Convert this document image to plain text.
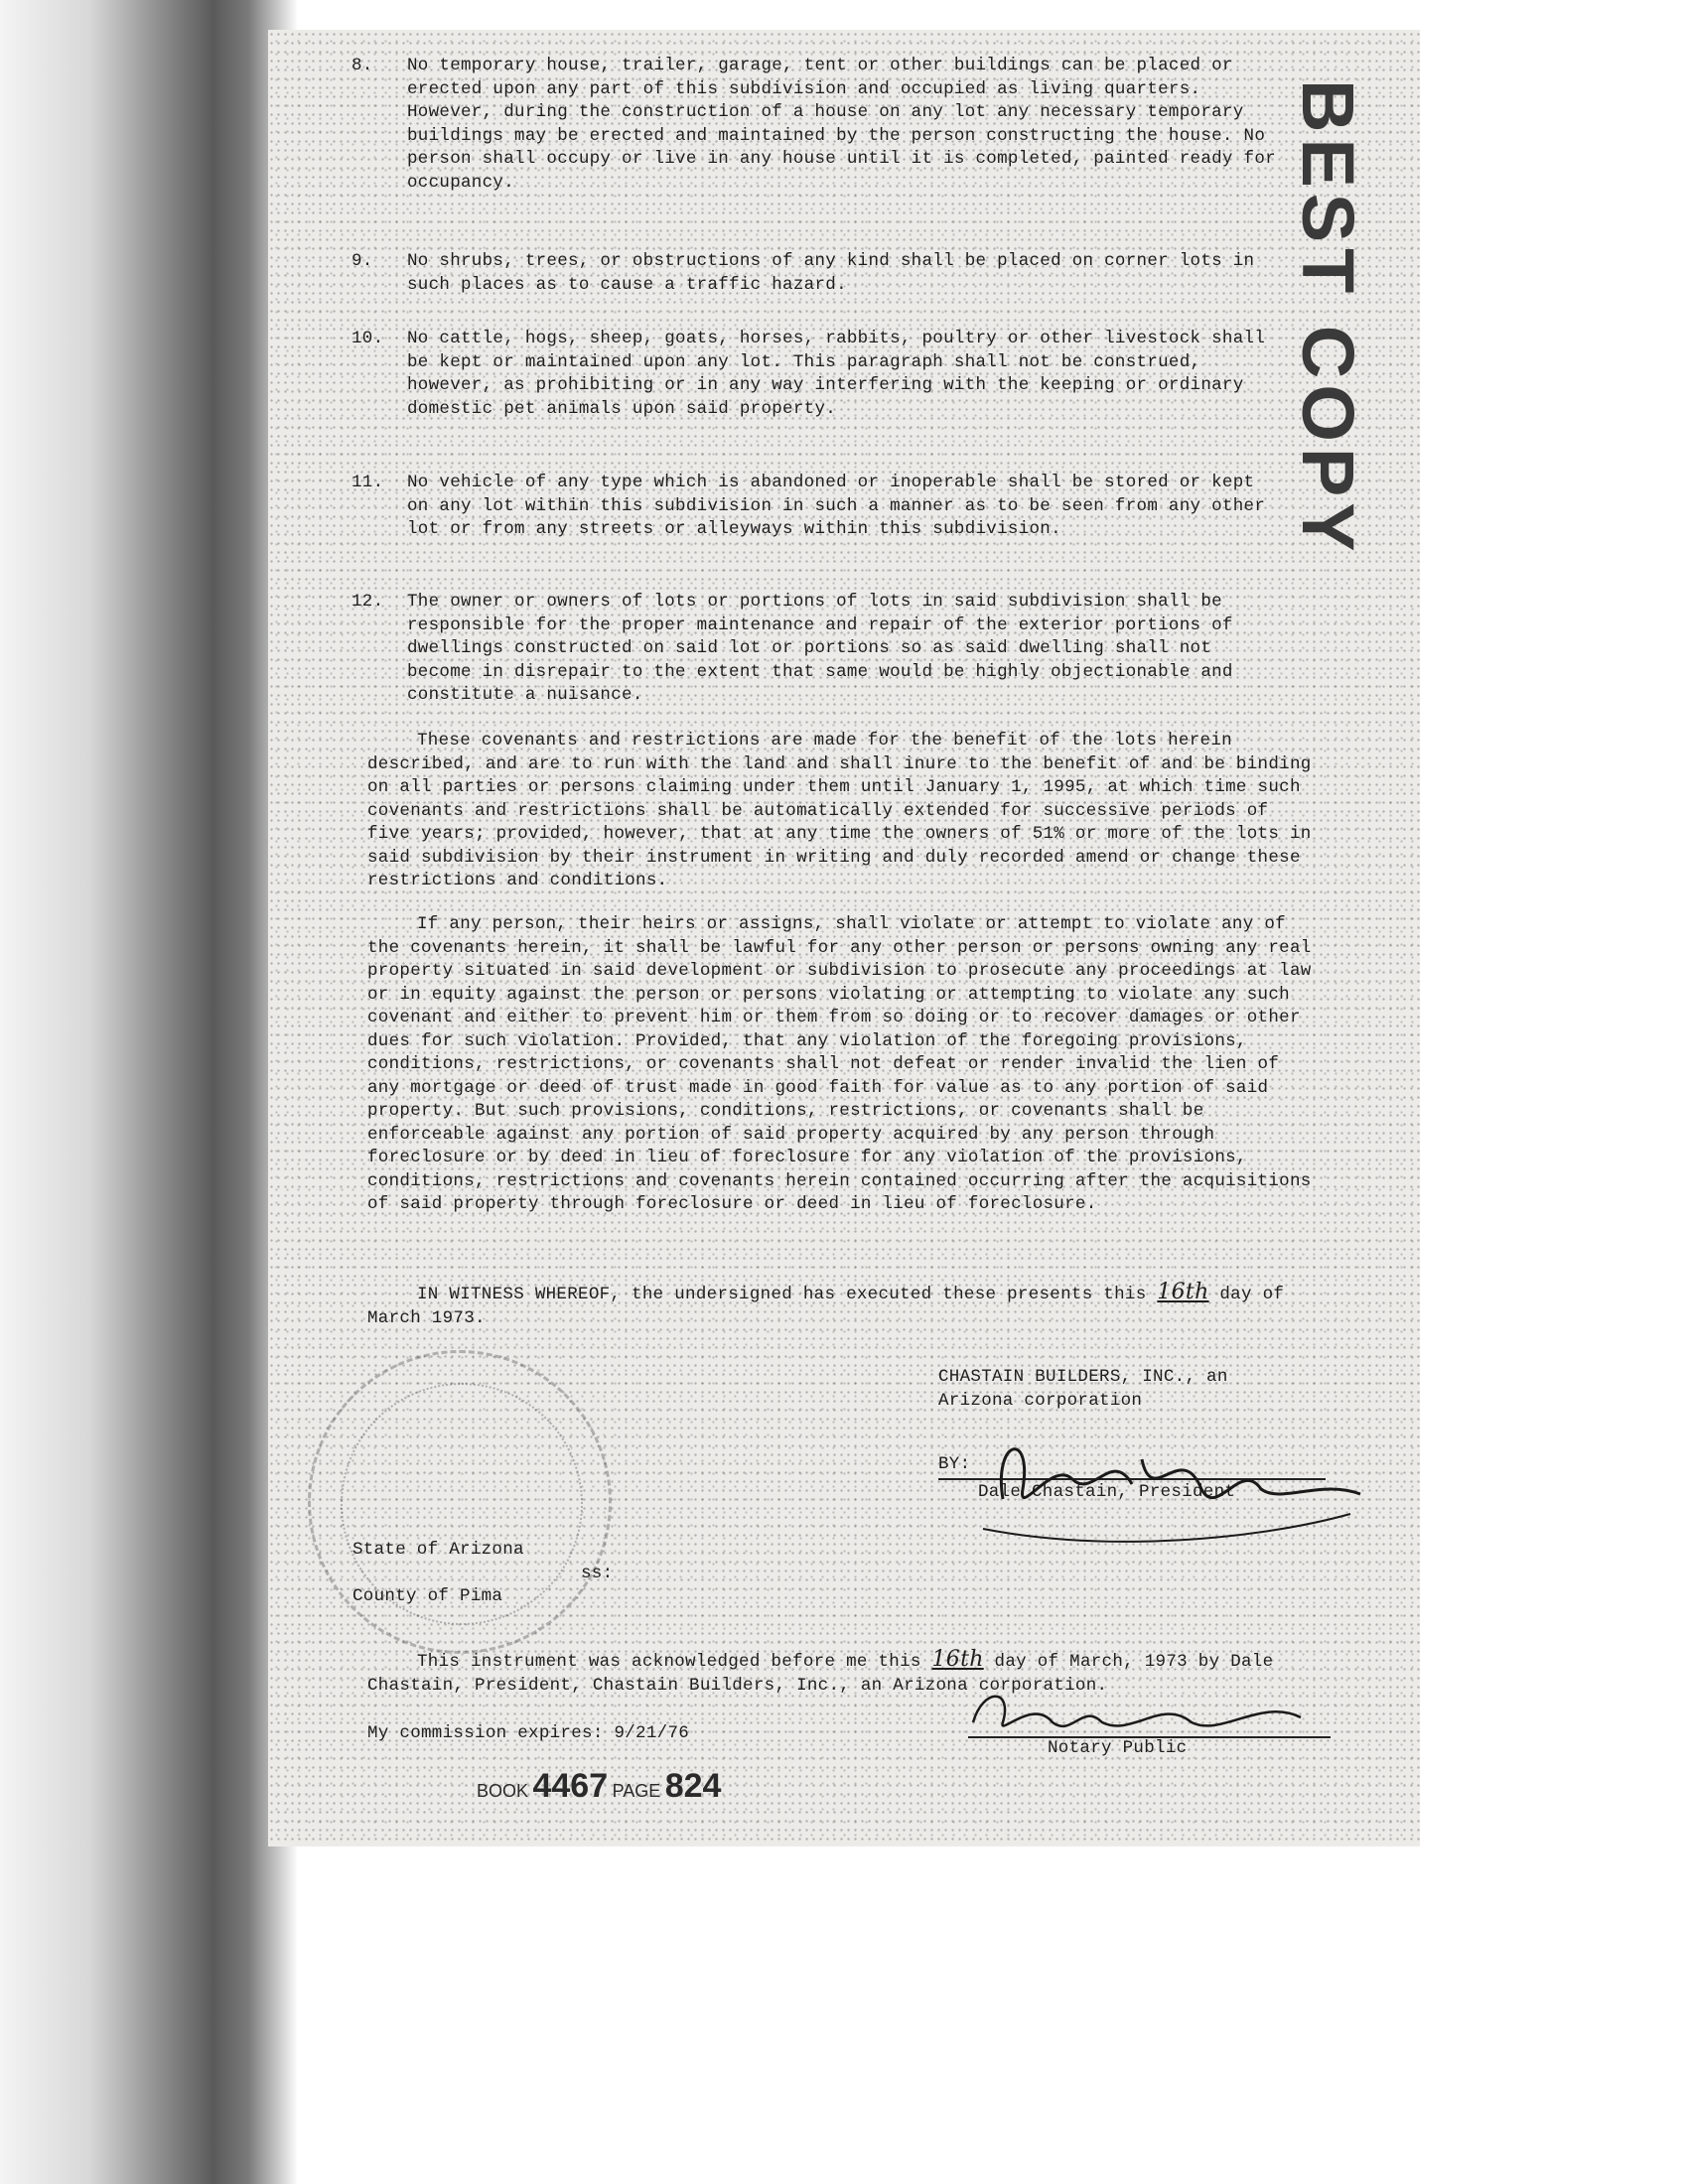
8. No temporary house, trailer, garage, tent or other buildings can be placed or erected upon any part of this subdivision and occupied as living quarters. However, during the construction of a house on any lot any necessary temporary buildings may be erected and maintained by the person constructing the house. No person shall occupy or live in any house until it is completed, painted ready for occupancy.
9. No shrubs, trees, or obstructions of any kind shall be placed on corner lots in such places as to cause a traffic hazard.
10. No cattle, hogs, sheep, goats, horses, rabbits, poultry or other livestock shall be kept or maintained upon any lot. This paragraph shall not be construed, however, as prohibiting or in any way interfering with the keeping or ordinary domestic pet animals upon said property.
11. No vehicle of any type which is abandoned or inoperable shall be stored or kept on any lot within this subdivision in such a manner as to be seen from any other lot or from any streets or alleyways within this subdivision.
12. The owner or owners of lots or portions of lots in said subdivision shall be responsible for the proper maintenance and repair of the exterior portions of dwellings constructed on said lot or portions so as said dwelling shall not become in disrepair to the extent that same would be highly objectionable and constitute a nuisance.
These covenants and restrictions are made for the benefit of the lots herein described, and are to run with the land and shall inure to the benefit of and be binding on all parties or persons claiming under them until January 1, 1995, at which time such covenants and restrictions shall be automatically extended for successive periods of five years; provided, however, that at any time the owners of 51% or more of the lots in said subdivision by their instrument in writing and duly recorded amend or change these restrictions and conditions.
If any person, their heirs or assigns, shall violate or attempt to violate any of the covenants herein, it shall be lawful for any other person or persons owning any real property situated in said development or subdivision to prosecute any proceedings at law or in equity against the person or persons violating or attempting to violate any such covenant and either to prevent him or them from so doing or to recover damages or other dues for such violation. Provided, that any violation of the foregoing provisions, conditions, restrictions, or covenants shall not defeat or render invalid the lien of any mortgage or deed of trust made in good faith for value as to any portion of said property. But such provisions, conditions, restrictions, or covenants shall be enforceable against any portion of said property acquired by any person through foreclosure or by deed in lieu of foreclosure for any violation of the provisions, conditions, restrictions and covenants herein contained occurring after the acquisitions of said property through foreclosure or deed in lieu of foreclosure.
IN WITNESS WHEREOF, the undersigned has executed these presents this 16th day of March 1973.
CHASTAIN BUILDERS, INC., an
Arizona corporation
BY:
Dale Chastain, President
State of Arizona
ss:
County of Pima
This instrument was acknowledged before me this 16th day of March, 1973 by Dale Chastain, President, Chastain Builders, Inc., an Arizona corporation.
My commission expires: 9/21/76
Notary Public
BEST COPY
BOOK 4467 PAGE 824
